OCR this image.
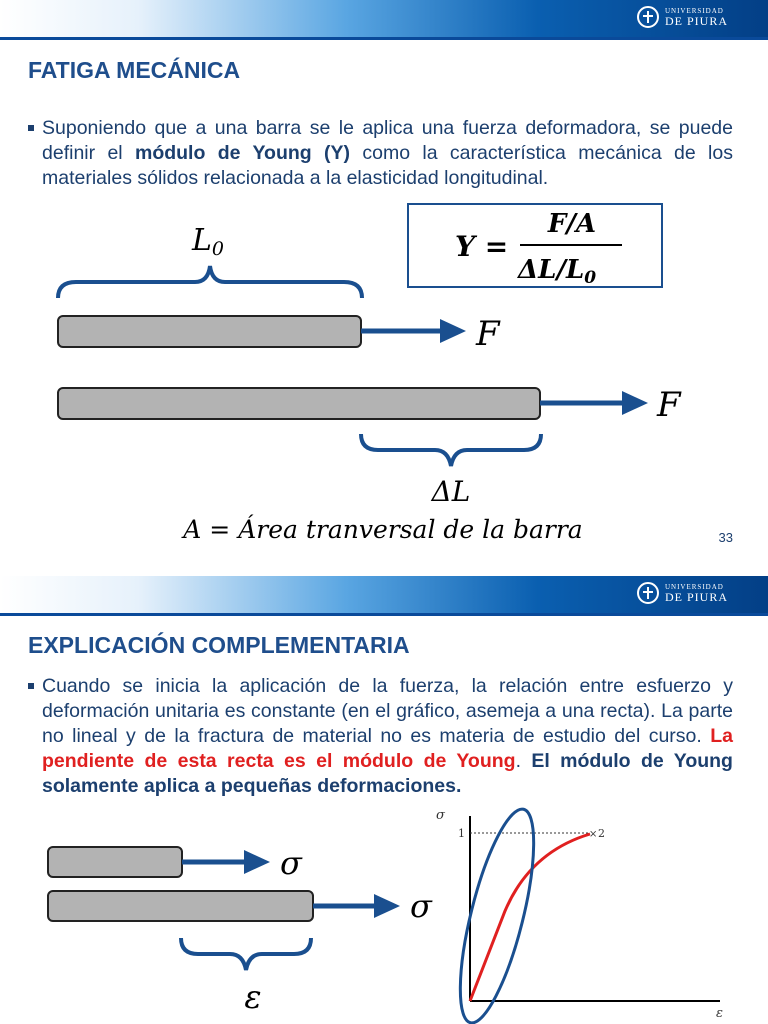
UNIVERSIDAD
DE PIURA
FATIGA MECÁNICA

Suponiendo que a una barra se le aplica una fuerza deformadora, se puede definir el módulo de Young (Y) como la característica mecánica de los materiales sólidos relacionada a la elasticidad longitudinal.

Y =
F/A
ΔL/L0
L0
F
F
ΔL
A = Área tranversal de la barra	33
UNIVERSIDAD
DE PIURA
EXPLICACIÓN COMPLEMENTARIA

Cuando se inicia la aplicación de la fuerza, la relación entre esfuerzo y deformación unitaria es constante (en el gráfico, asemeja a una recta). La parte no lineal y de la fractura de material no es materia de estudio del curso. La pendiente de esta recta es el módulo de Young. El módulo de Young solamente aplica a pequeñas deformaciones.

σ
σ
ε
σ
ε
1	× 2
